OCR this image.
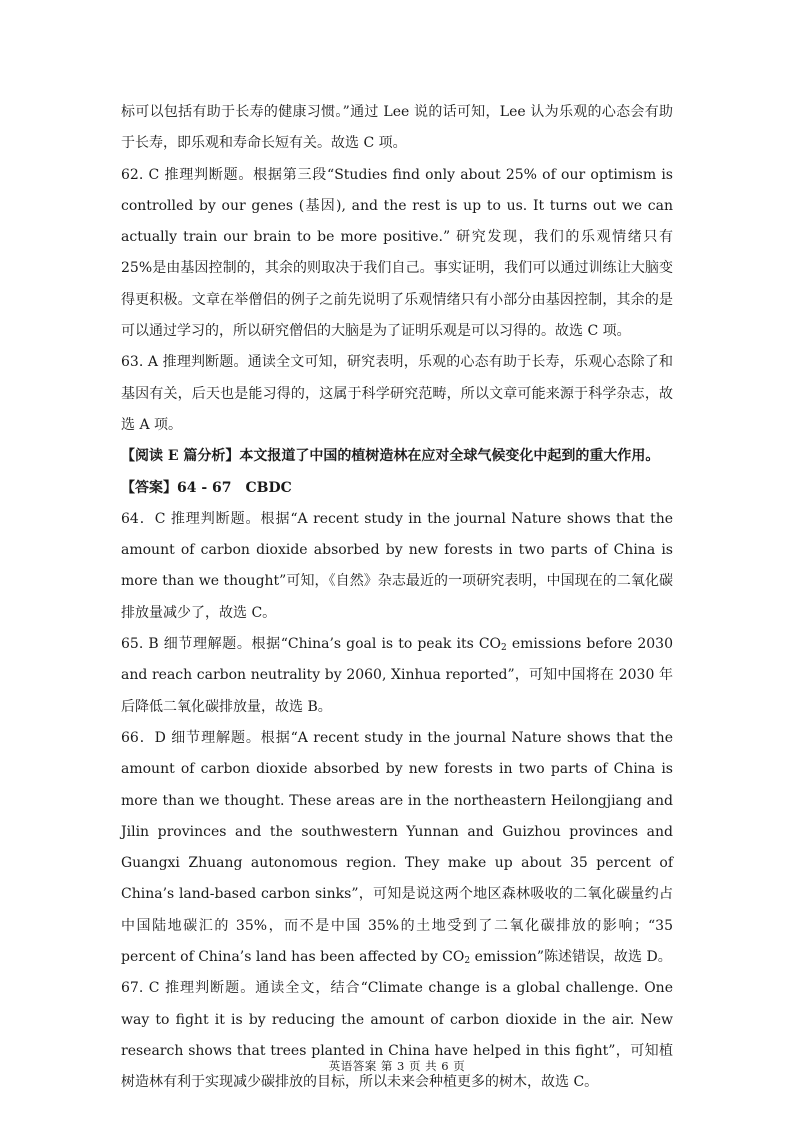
标可以包括有助于长寿的健康习惯。”通过 Lee 说的话可知，Lee 认为乐观的心态会有助于长寿，即乐观和寿命长短有关。故选 C 项。

62. C 推理判断题。根据第三段“Studies find only about 25% of our optimism is controlled by our genes (基因), and the rest is up to us. It turns out we can actually train our brain to be more positive.” 研究发现，我们的乐观情绪只有 25%是由基因控制的，其余的则取决于我们自己。事实证明，我们可以通过训练让大脑变得更积极。文章在举僧侣的例子之前先说明了乐观情绪只有小部分由基因控制，其余的是可以通过学习的，所以研究僧侣的大脑是为了证明乐观是可以习得的。故选 C 项。

63. A 推理判断题。通读全文可知，研究表明，乐观的心态有助于长寿，乐观心态除了和基因有关，后天也是能习得的，这属于科学研究范畴，所以文章可能来源于科学杂志，故选 A 项。

【阅读 E 篇分析】本文报道了中国的植树造林在应对全球气候变化中起到的重大作用。

【答案】64 - 67　CBDC

64．C 推理判断题。根据“A recent study in the journal Nature shows that the amount of carbon dioxide absorbed by new forests in two parts of China is more than we thought”可知，《自然》杂志最近的一项研究表明，中国现在的二氧化碳排放量减少了，故选 C。

65. B 细节理解题。根据“China’s goal is to peak its $CO_2$ emissions before 2030 and reach carbon neutrality by 2060, Xinhua reported”，可知中国将在 2030 年后降低二氧化碳排放量，故选 B。

66．D 细节理解题。根据“A recent study in the journal Nature shows that the amount of carbon dioxide absorbed by new forests in two parts of China is more than we thought. These areas are in the northeastern Heilongjiang and Jilin provinces and the southwestern Yunnan and Guizhou provinces and Guangxi Zhuang autonomous region. They make up about 35 percent of China’s land-based carbon sinks”，可知是说这两个地区森林吸收的二氧化碳量约占中国陆地碳汇的 35%，而不是中国 35%的土地受到了二氧化碳排放的影响；“35 percent of China’s land has been affected by $CO_2$ emission”陈述错误，故选 D。

67. C 推理判断题。通读全文，结合“Climate change is a global challenge. One way to fight it is by reducing the amount of carbon dioxide in the air. New research shows that trees planted in China have helped in this fight”，可知植树造林有利于实现减少碳排放的目标，所以未来会种植更多的树木，故选 C。

英语答案 第 3 页 共 6 页
